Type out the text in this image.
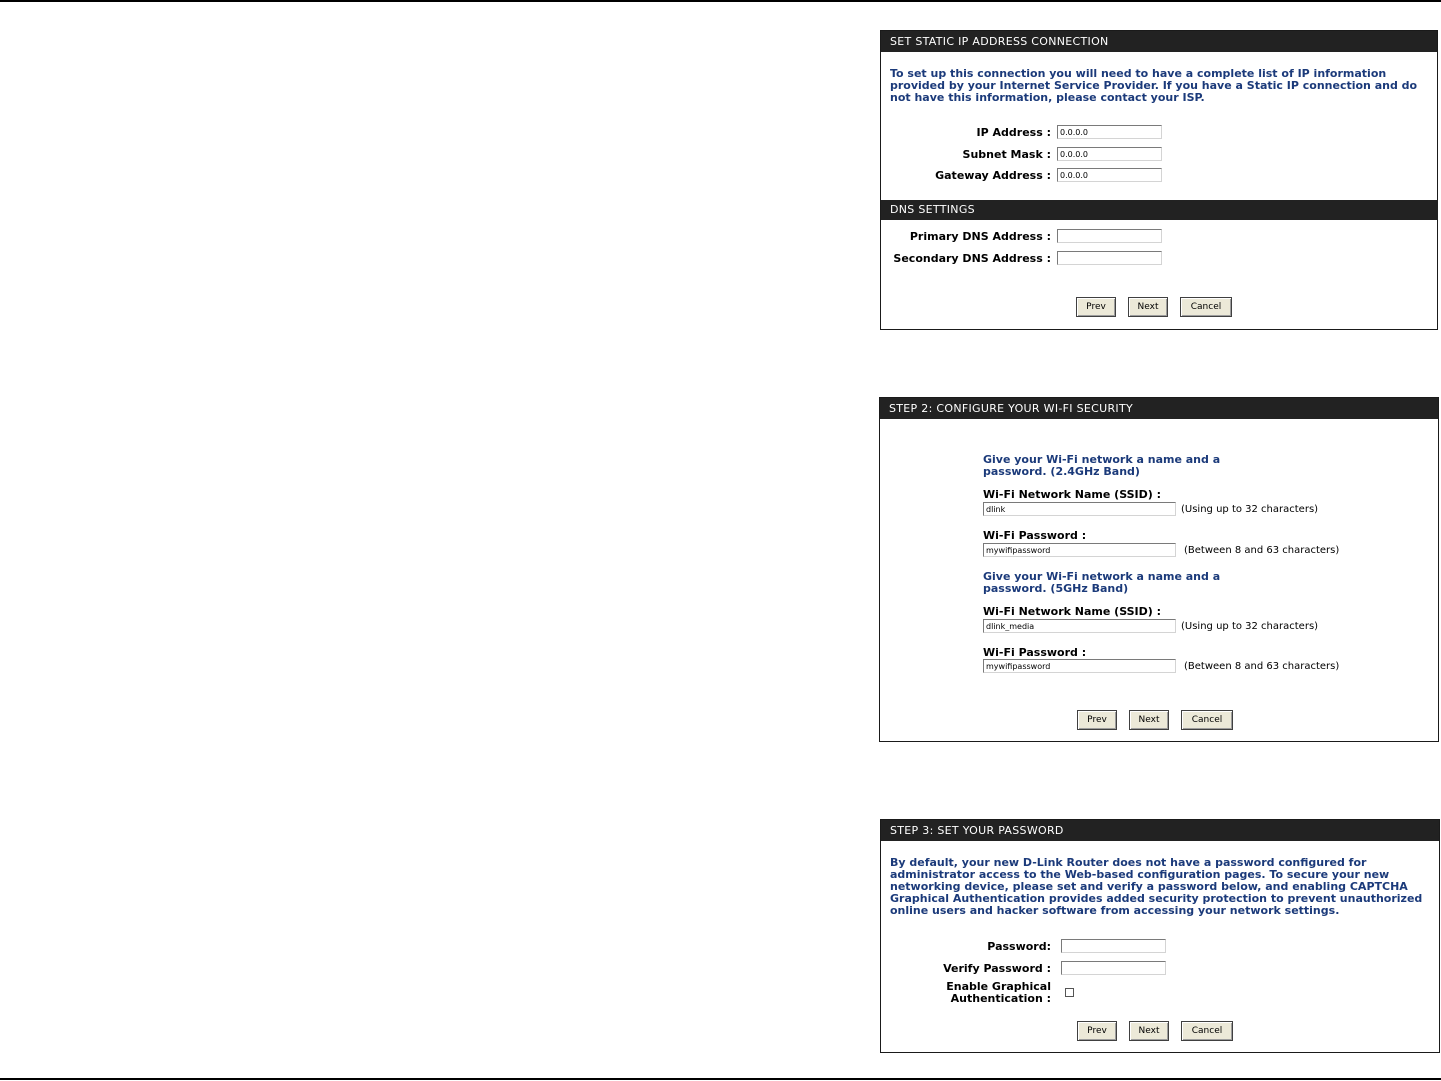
SET STATIC IP ADDRESS CONNECTION
To set up this connection you will need to have a complete list of IP information provided by your Internet Service Provider. If you have a Static IP connection and do not have this information, please contact your ISP.
IP Address :
0.0.0.0
Subnet Mask :
0.0.0.0
Gateway Address :
0.0.0.0
DNS SETTINGS
Primary DNS Address :
Secondary DNS Address :
Prev	Next	Cancel
STEP 2: CONFIGURE YOUR WI-FI SECURITY
Give your Wi-Fi network a name and a
password. (2.4GHz Band)
Wi-Fi Network Name (SSID) :
dlink
(Using up to 32 characters)
Wi-Fi Password :
mywifipassword
(Between 8 and 63 characters)
Give your Wi-Fi network a name and a
password. (5GHz Band)
Wi-Fi Network Name (SSID) :
dlink_media
(Using up to 32 characters)
Wi-Fi Password :
mywifipassword
(Between 8 and 63 characters)
Prev	Next	Cancel
STEP 3: SET YOUR PASSWORD
By default, your new D-Link Router does not have a password configured for administrator access to the Web-based configuration pages. To secure your new networking device, please set and verify a password below, and enabling CAPTCHA Graphical Authentication provides added security protection to prevent unauthorized online users and hacker software from accessing your network settings.
Password:
Verify Password :
Enable Graphical
Authentication :
Prev	Next	Cancel
